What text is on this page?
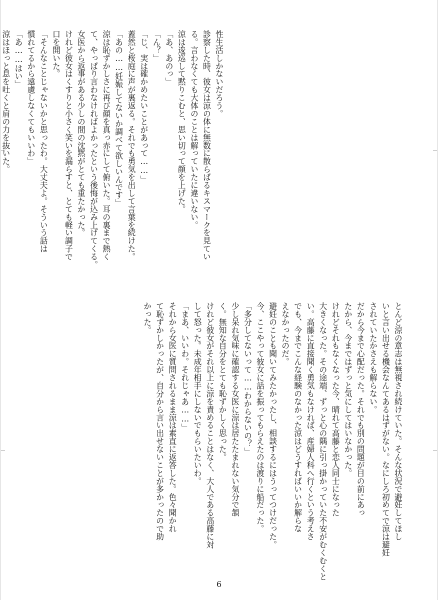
性生活しかないだろう。
診察した時、彼女は涼の体に無数に散らばるキスマークを見てい
る。言わなくても大体のことは解っていたに違いない。
涼は逡巡して黙りこむと、思い切って顔を上げた。
「あ、あのっ」
「ん？」
「じ、実は確かめたいことがあって……」
蓋然と桜庭に声が裏返る。それでも勇気を出して言葉を続けた。
「あの……妊娠してないか調べて欲しいんです」
涼は恥ずかしさに再び顔を真っ赤にして俯いた。耳の裏まで熱く
て、やっぱり言わなければよかったという後悔が込み上げてくる。
女医から返事がある少しの間の沈黙がとても重たかった。
けれど彼女はくすりと小さく笑いを漏らすと、とても軽い調子で
口を開いた。
「そんなことじゃないかと思ったわ。大丈夫よ。そういう話は
慣れてるから遠慮しなくてもいいわ」
「あ……はい」
涼はほっと息を吐くと肩の力を抜いた。
とんど涼の意志は無視され続けていた。そんな状況で避妊してほし
いと言い出せる機会なんてあるはずがない。なにしろ初めてで涼は避妊
されていたかさえも解らない。
だから今まで心配だった。それでも別の問題が目の前にあっ
たから、今まではずっと気にしてはいなかった。
けれどそれもなくなった今、晴れて高藤と恋人同士になった
大きくなった。その途端、ずっと心の隅に引っ掛かっていた不安がむくむくと
い。高藤に直接聞く勇気もなければ、産婦人科へ行くという考えさ
でも、今までこんな経験のなかった涼はどうすればいいか解らな
えなかったのだ。
避妊のことも聞いてみたかったし、相談するにはうってつけだった。
今、ここやって彼女に話を振ってもらえたのは渡りに船だった。
「多分してないって……わからないの？」
少し呆れ気味に確認する女医に涼は居たたまれない気分で頷
く。無知な自分をとても恥ずかしく思った。
けれど彼女がそれ以上に涼を責めることはなく、大人である高藤に対
して怒った。未成年相手にしないでもらいたいわ。
「まあ、いいわ。それじゃあ……」
それから女医に質問されるまま涼は素直に返答した。色々聞かれ
て恥ずかしかったが、自分から言い出せないことが多かったので助
かった。
6
